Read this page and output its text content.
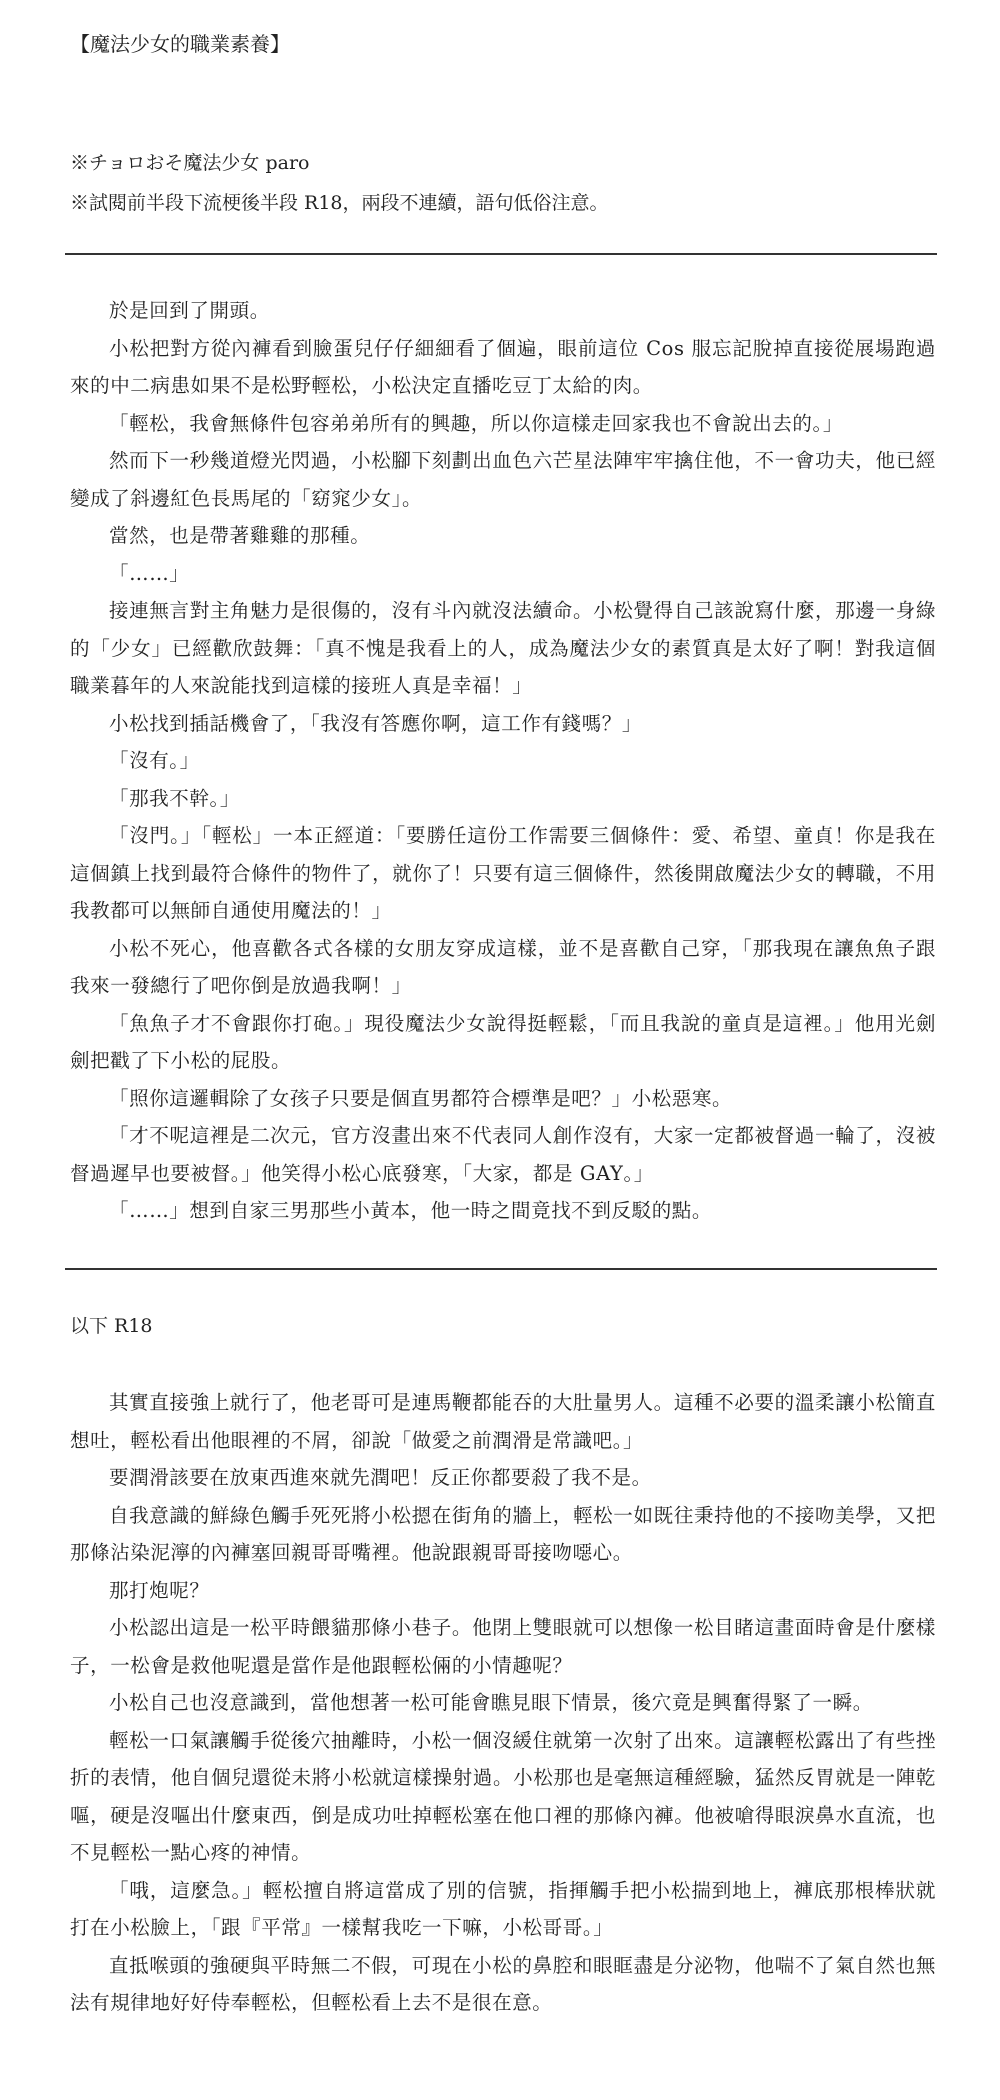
【魔法少女的職業素養】
※チョロおそ魔法少女 paro
※試閱前半段下流梗後半段 R18，兩段不連續，語句低俗注意。

於是回到了開頭。

小松把對方從內褲看到臉蛋兒仔仔細細看了個遍，眼前這位 Cos 服忘記脫掉直接從展場跑過來的中二病患如果不是松野輕松，小松決定直播吃豆丁太給的肉。

「輕松，我會無條件包容弟弟所有的興趣，所以你這樣走回家我也不會說出去的。」

然而下一秒幾道燈光閃過，小松腳下刻劃出血色六芒星法陣牢牢擒住他，不一會功夫，他已經變成了斜邊紅色長馬尾的「窈窕少女」。

當然，也是帶著雞雞的那種。

「……」

接連無言對主角魅力是很傷的，沒有斗內就沒法續命。小松覺得自己該說寫什麼，那邊一身綠的「少女」已經歡欣鼓舞：「真不愧是我看上的人，成為魔法少女的素質真是太好了啊！對我這個職業暮年的人來說能找到這樣的接班人真是幸福！」

小松找到插話機會了，「我沒有答應你啊，這工作有錢嗎？」

「沒有。」

「那我不幹。」

「沒門。」「輕松」一本正經道：「要勝任這份工作需要三個條件：愛、希望、童貞！你是我在這個鎮上找到最符合條件的物件了，就你了！只要有這三個條件，然後開啟魔法少女的轉職，不用我教都可以無師自通使用魔法的！」

小松不死心，他喜歡各式各樣的女朋友穿成這樣，並不是喜歡自己穿，「那我現在讓魚魚子跟我來一發總行了吧你倒是放過我啊！」

「魚魚子才不會跟你打砲。」現役魔法少女說得挺輕鬆，「而且我說的童貞是這裡。」他用光劍劍把戳了下小松的屁股。

「照你這邏輯除了女孩子只要是個直男都符合標準是吧？」小松惡寒。

「才不呢這裡是二次元，官方沒畫出來不代表同人創作沒有，大家一定都被督過一輪了，沒被督過遲早也要被督。」他笑得小松心底發寒，「大家，都是 GAY。」

「……」想到自家三男那些小黃本，他一時之間竟找不到反駁的點。

以下 R18

其實直接強上就行了，他老哥可是連馬鞭都能吞的大肚量男人。這種不必要的溫柔讓小松簡直想吐，輕松看出他眼裡的不屑，卻說「做愛之前潤滑是常識吧。」

要潤滑該要在放東西進來就先潤吧！反正你都要殺了我不是。

自我意識的鮮綠色觸手死死將小松摁在街角的牆上，輕松一如既往秉持他的不接吻美學，又把那條沾染泥濘的內褲塞回親哥哥嘴裡。他說跟親哥哥接吻噁心。

那打炮呢？

小松認出這是一松平時餵貓那條小巷子。他閉上雙眼就可以想像一松目睹這畫面時會是什麼樣子，一松會是救他呢還是當作是他跟輕松倆的小情趣呢？

小松自己也沒意識到，當他想著一松可能會瞧見眼下情景，後穴竟是興奮得緊了一瞬。

輕松一口氣讓觸手從後穴抽離時，小松一個沒緩住就第一次射了出來。這讓輕松露出了有些挫折的表情，他自個兒還從未將小松就這樣操射過。小松那也是毫無這種經驗，猛然反胃就是一陣乾嘔，硬是沒嘔出什麼東西，倒是成功吐掉輕松塞在他口裡的那條內褲。他被嗆得眼淚鼻水直流，也不見輕松一點心疼的神情。

「哦，這麼急。」輕松擅自將這當成了別的信號，指揮觸手把小松揣到地上，褲底那根棒狀就打在小松臉上，「跟『平常』一樣幫我吃一下嘛，小松哥哥。」

直抵喉頭的強硬與平時無二不假，可現在小松的鼻腔和眼眶盡是分泌物，他喘不了氣自然也無法有規律地好好侍奉輕松，但輕松看上去不是很在意。
